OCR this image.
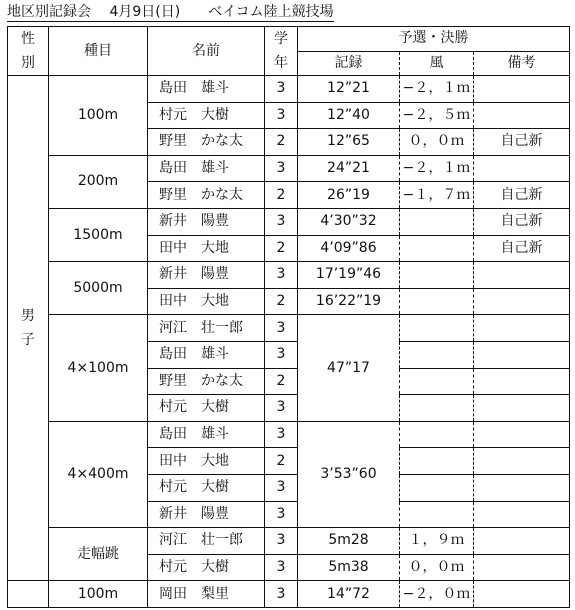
地区別記録会　 4月9日(日)　　ベイコム陸上競技場
性
別	種目	名前	学
年	予選・決勝		
				記録	風	備考
男
子	100m	島田　雄斗	3	12”21	−２，１ｍ	
		村元　大樹	3	12”40	−２，５ｍ	
		野里　かな太	2	12”65	０，０ｍ	自己新
	200m	島田　雄斗	3	24”21	−２，１ｍ	
		野里　かな太	2	26”19	−１，７ｍ	自己新
	1500m	新井　陽豊	3	4’30”32		自己新
		田中　大地	2	4’09”86		自己新
	5000m	新井　陽豊	3	17’19”46		
		田中　大地	2	16’22”19		
	4×100m	河江　壮一郎	3	47”17		
		島田　雄斗	3			
		野里　かな太	2			
		村元　大樹	3			
	4×400m	島田　雄斗	3	3’53”60		
		田中　大地	2			
		村元　大樹	3			
		新井　陽豊	3			
	走幅跳	河江　壮一郎	3	5m28	１，９ｍ	
		村元　大樹	3	5m38	０，０ｍ	
	100m	岡田　梨里	3	14”72	−２，０ｍ	
